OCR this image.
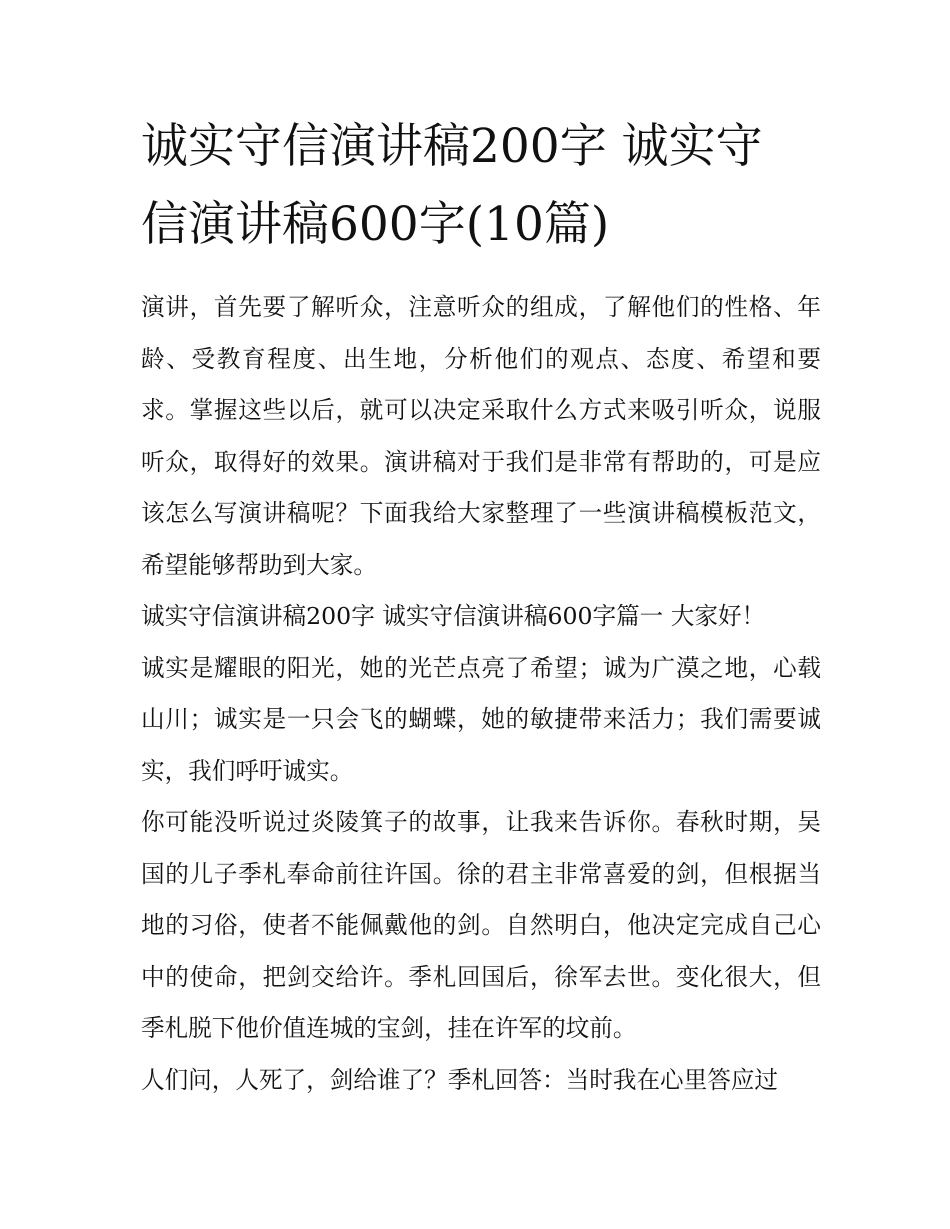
诚实守信演讲稿200字 诚实守
信演讲稿600字(10篇)

演讲，首先要了解听众，注意听众的组成，了解他们的性格、年龄、受教育程度、出生地，分析他们的观点、态度、希望和要求。掌握这些以后，就可以决定采取什么方式来吸引听众，说服听众，取得好的效果。演讲稿对于我们是非常有帮助的，可是应该怎么写演讲稿呢？下面我给大家整理了一些演讲稿模板范文，希望能够帮助到大家。

诚实守信演讲稿200字 诚实守信演讲稿600字篇一 大家好！

诚实是耀眼的阳光，她的光芒点亮了希望；诚为广漠之地，心载山川；诚实是一只会飞的蝴蝶，她的敏捷带来活力；我们需要诚实，我们呼吁诚实。

你可能没听说过炎陵箕子的故事，让我来告诉你。春秋时期，吴国的儿子季札奉命前往许国。徐的君主非常喜爱的剑，但根据当地的习俗，使者不能佩戴他的剑。自然明白，他决定完成自己心中的使命，把剑交给许。季札回国后，徐军去世。变化很大，但季札脱下他价值连城的宝剑，挂在许军的坟前。

人们问，人死了，剑给谁了？季札回答：当时我在心里答应过
